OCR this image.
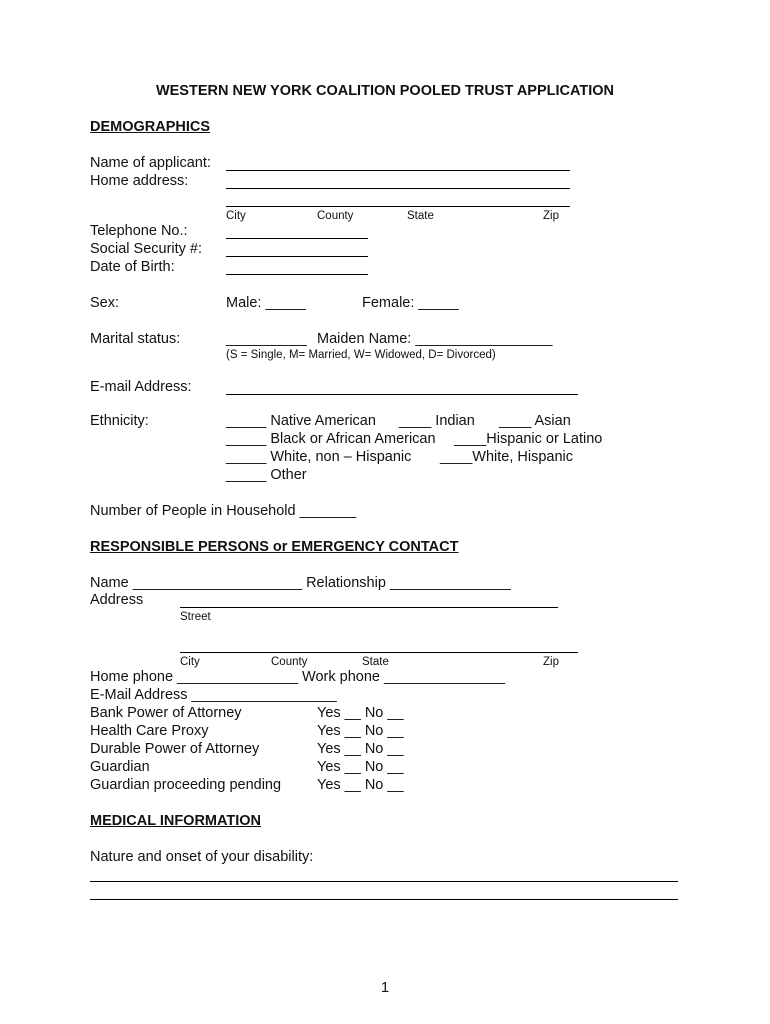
WESTERN NEW YORK COALITION POOLED TRUST APPLICATION
DEMOGRAPHICS
Name of applicant:
Home address:
City	County	State	Zip
Telephone No.:
Social Security #:
Date of Birth:
Sex:	Male: _____	Female: _____
Marital status:	__________ Maiden Name: _________________
(S = Single, M= Married, W= Widowed, D= Divorced)
E-mail Address:
Ethnicity:	_____ Native American ____ Indian ____ Asian
_____ Black or African American ____Hispanic or Latino
_____ White, non – Hispanic ____White, Hispanic
_____ Other
Number of People in Household _______
RESPONSIBLE PERSONS or EMERGENCY CONTACT
Name _____________________ Relationship _______________
Address
Street
City	County	State	Zip
Home phone _______________ Work phone _______________
E-Mail Address __________________
Bank Power of Attorney	Yes __ No __
Health Care Proxy	Yes __ No __
Durable Power of Attorney	Yes __ No __
Guardian	Yes __ No __
Guardian proceeding pending Yes __ No __
MEDICAL INFORMATION
Nature and onset of your disability:
1
